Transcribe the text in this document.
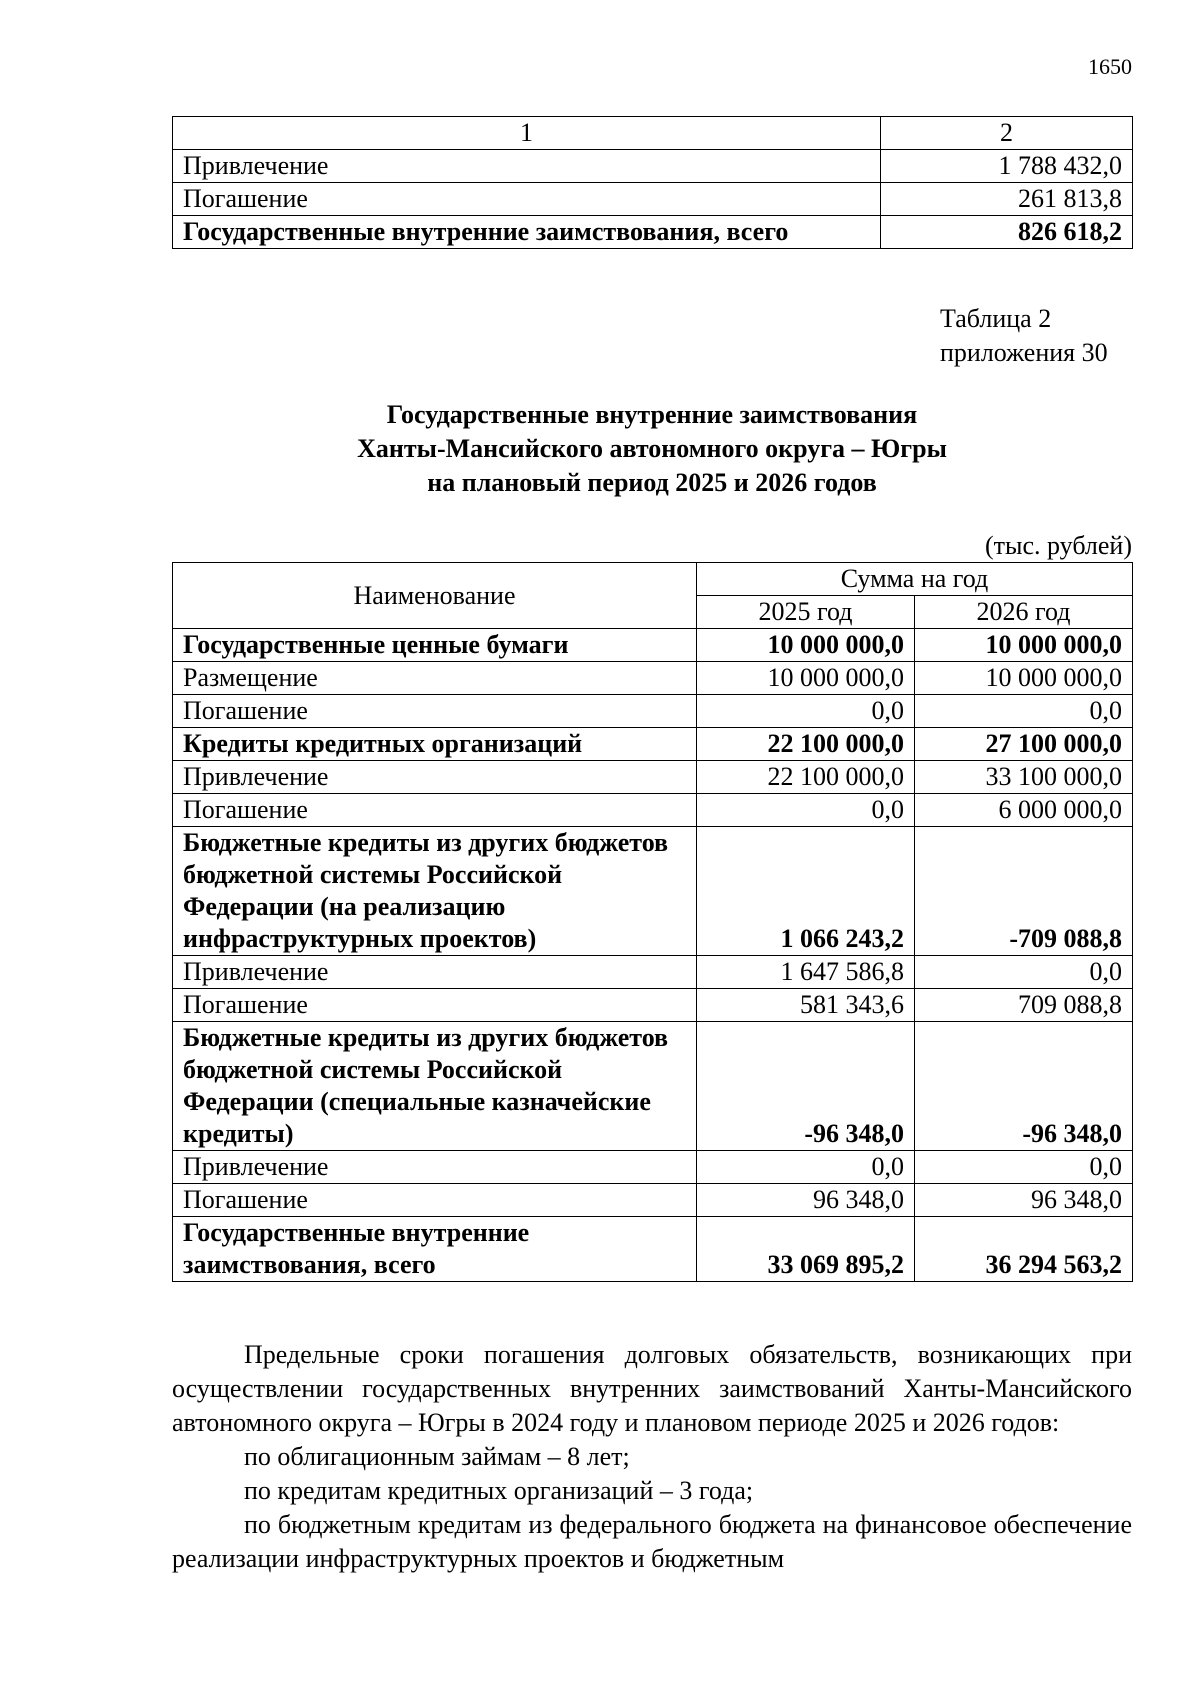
1650
1	2
Привлечение	1 788 432,0
Погашение	261 813,8
Государственные внутренние заимствования, всего	826 618,2
Таблица 2
приложения 30
Государственные внутренние заимствования
Ханты-Мансийского автономного округа – Югры
на плановый период 2025 и 2026 годов
(тыс. рублей)
Наименование	Сумма на год	
	2025 год	2026 год
Государственные ценные бумаги	10 000 000,0	10 000 000,0
Размещение	10 000 000,0	10 000 000,0
Погашение	0,0	0,0
Кредиты кредитных организаций	22 100 000,0	27 100 000,0
Привлечение	22 100 000,0	33 100 000,0
Погашение	0,0	6 000 000,0
Бюджетные кредиты из других бюджетов бюджетной системы Российской Федерации (на реализацию инфраструктурных проектов)	1 066 243,2	-709 088,8
Привлечение	1 647 586,8	0,0
Погашение	581 343,6	709 088,8
Бюджетные кредиты из других бюджетов бюджетной системы Российской Федерации (специальные казначейские кредиты)	-96 348,0	-96 348,0
Привлечение	0,0	0,0
Погашение	96 348,0	96 348,0
Государственные внутренние заимствования, всего	33 069 895,2	36 294 563,2

Предельные сроки погашения долговых обязательств, возникающих при осуществлении государственных внутренних заимствований Ханты-Мансийского автономного округа – Югры в 2024 году и плановом периоде 2025 и 2026 годов:

по облигационным займам – 8 лет;

по кредитам кредитных организаций – 3 года;

по бюджетным кредитам из федерального бюджета на финансовое обеспечение реализации инфраструктурных проектов и бюджетным
